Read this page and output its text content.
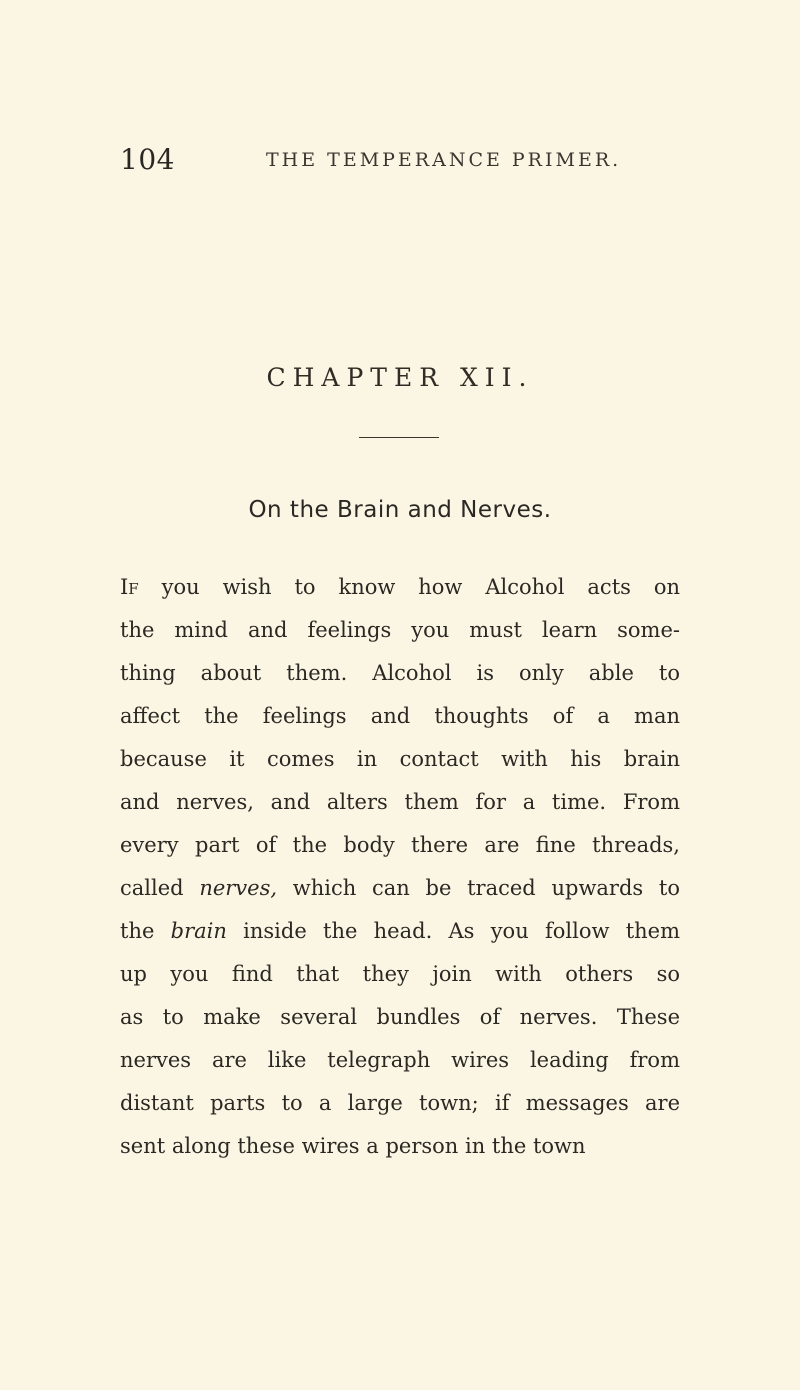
104	THE TEMPERANCE PRIMER.
CHAPTER XII.
On the Brain and Nerves.
If you wish to know how Alcohol acts on
the mind and feelings you must learn some-
thing about them. Alcohol is only able to
affect the feelings and thoughts of a man
because it comes in contact with his brain
and nerves, and alters them for a time. From
every part of the body there are fine threads,
called nerves, which can be traced upwards to
the brain inside the head. As you follow them
up you find that they join with others so
as to make several bundles of nerves. These
nerves are like telegraph wires leading from
distant parts to a large town; if messages are
sent along these wires a person in the town
